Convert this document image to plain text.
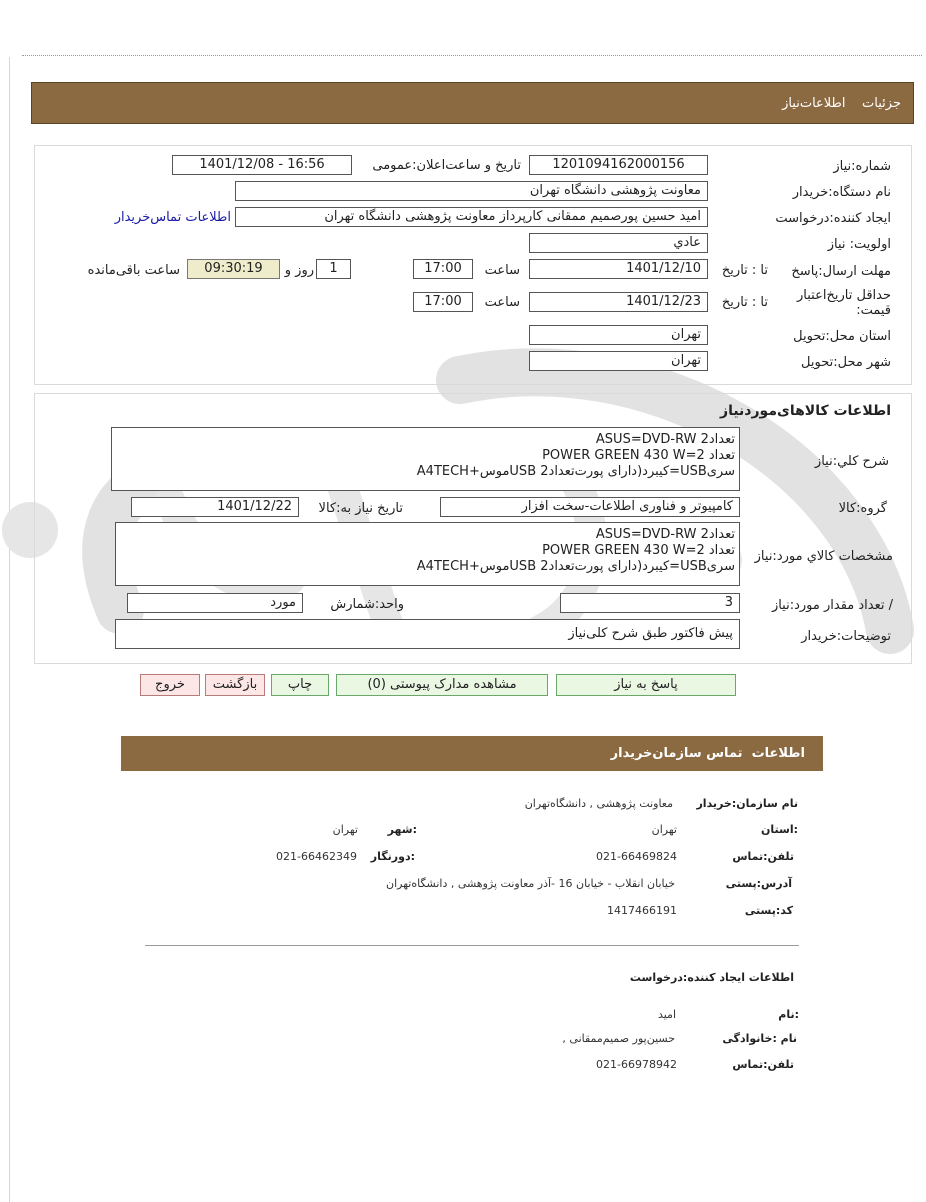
جزئیات    اطلاعات‌نیاز
شماره:نیاز
1201094162000156
تاریخ و ساعت‌اعلان:عمومی
1401/12/08 - 16:56
نام دستگاه:خریدار
معاونت پژوهشی دانشگاه تهران
ایجاد کننده:درخواست
امید حسین پورصمیم ممقانی کارپرداز معاونت پژوهشی دانشگاه تهران
اطلاعات تماس‌خریدار
اولویت: نیاز
عادي
مهلت ارسال:پاسخ
تا : تاریخ
1401/12/10
ساعت
17:00
1
روز و
09:30:19
ساعت باقی‌مانده
حداقل تاریخ‌اعتبار قیمت:
تا : تاریخ
1401/12/23
ساعت
17:00
استان محل:تحویل
تهران
شهر محل:تحویل
تهران
اطلاعات کالاهای‌موردنیاز
شرح کلي:نیاز
ASUS=DVD-RW تعداد2
POWER GREEN 430 W=2 تعداد
A4TECH+موسUSB کیبرد(دارای پورت‌تعداد2=USBسری
گروه:کالا
کامپیوتر و فناوری اطلاعات-سخت افزار
تاریخ نیاز به:کالا
1401/12/22
مشخصات کالاي مورد:نیاز
ASUS=DVD-RW تعداد2
POWER GREEN 430 W=2 تعداد
A4TECH+موسUSB کیبرد(دارای پورت‌تعداد2=USBسری
/ تعداد مقدار مورد:نیاز
3
واحد:شمارش
مورد
توضیحات:خریدار
پیش فاکتور طبق شرح کلی‌نیاز
پاسخ به نیاز
مشاهده مدارک پیوستی (0)
چاپ
بازگشت
خروج
اطلاعات  تماس سازمان‌خریدار
نام سازمان:خریدار
معاونت پژوهشی , دانشگاه‌تهران
:استان
تهران
:شهر
تهران
تلفن:تماس
021-66469824
:دورنگار
021-66462349
آدرس:پستی
خیابان انقلاب - خیابان 16 -آذر معاونت پژوهشی , دانشگاه‌تهران
کد:پستی
1417466191
اطلاعات ایجاد کننده:درخواست
:نام
امید
نام :خانوادگی
حسین‌پور صمیم‌ممقانی ,
تلفن:تماس
021-66978942
